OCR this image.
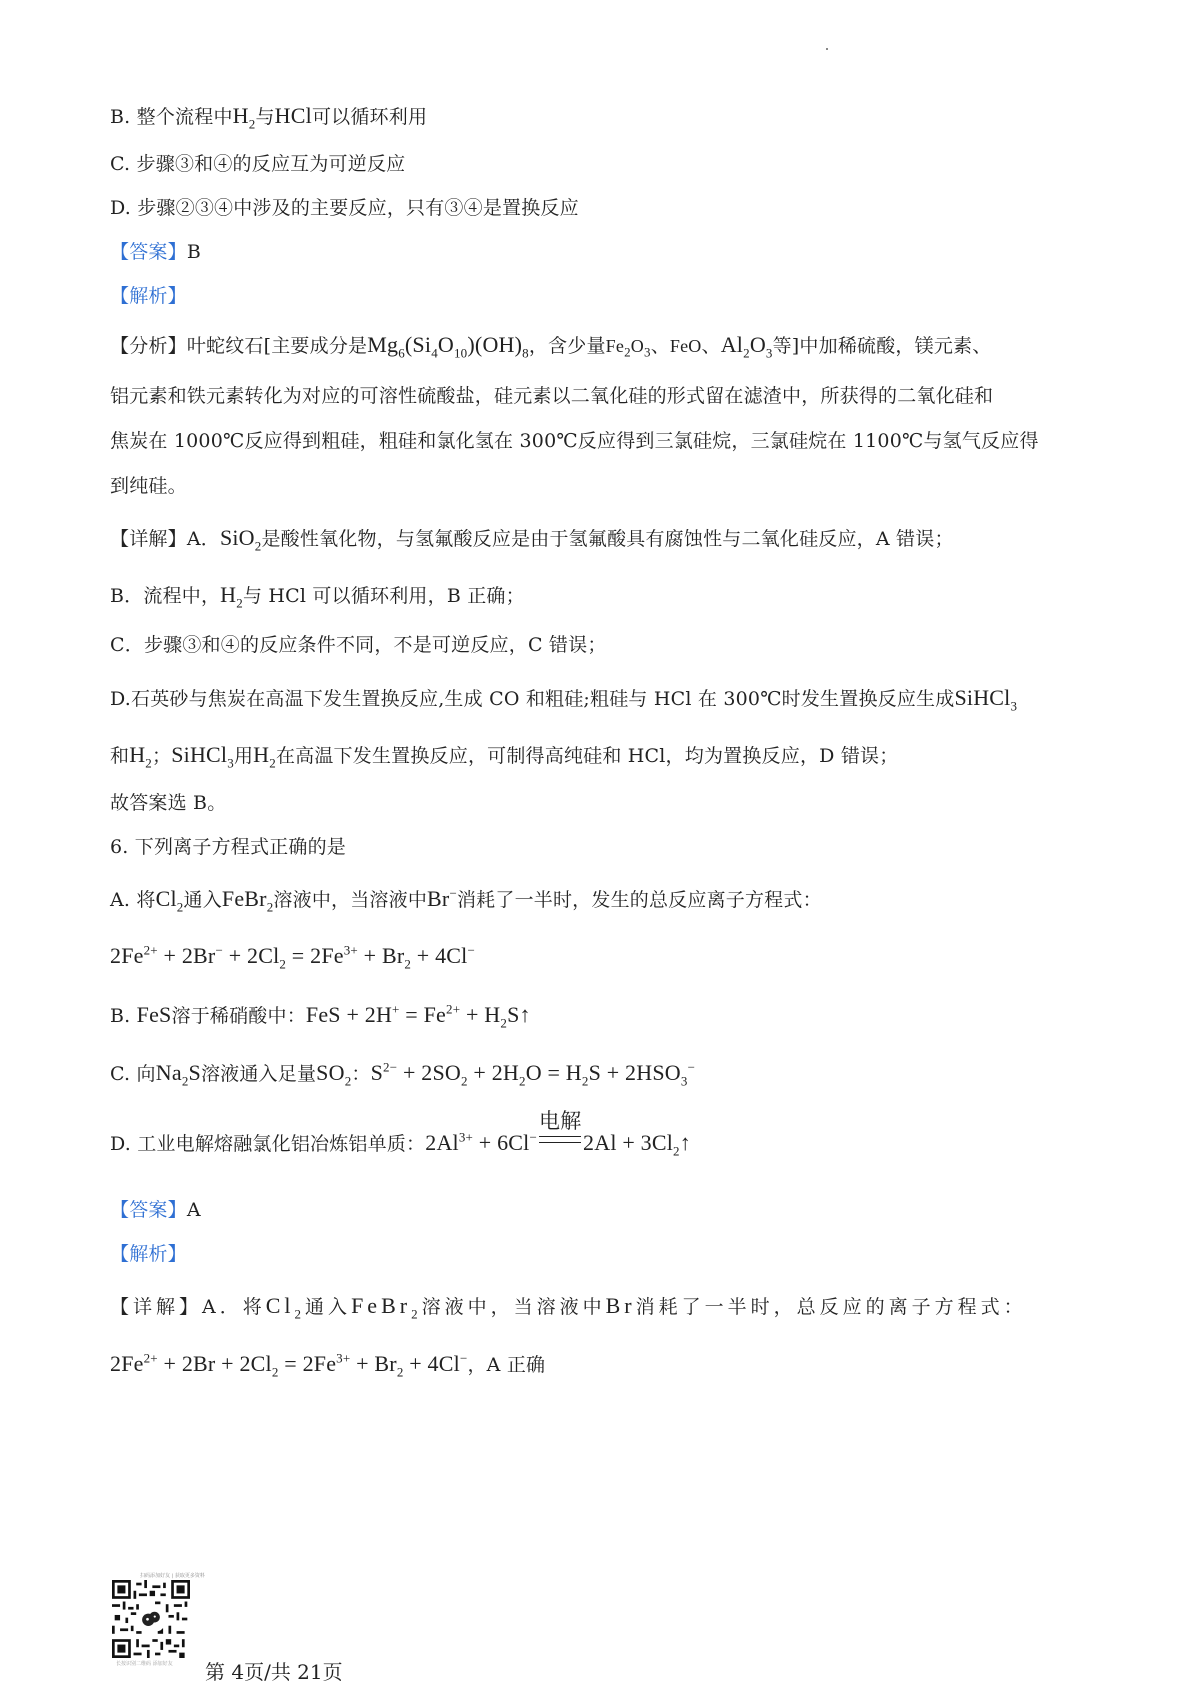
B. 整个流程中$H_2$与HCl可以循环利用
C. 步骤③和④的反应互为可逆反应
D. 步骤②③④中涉及的主要反应，只有③④是置换反应
【答案】B
【解析】
【分析】叶蛇纹石[主要成分是$Mg_6(Si_4O_{10})(OH)_8$，含少量$Fe_2O_3$、FeO、$Al_2O_3$等]中加稀硫酸，镁元素、
铝元素和铁元素转化为对应的可溶性硫酸盐，硅元素以二氧化硅的形式留在滤渣中，所获得的二氧化硅和
焦炭在 1000℃反应得到粗硅，粗硅和氯化氢在 300℃反应得到三氯硅烷，三氯硅烷在 1100℃与氢气反应得
到纯硅。
【详解】A．SiO$_2$是酸性氧化物，与氢氟酸反应是由于氢氟酸具有腐蚀性与二氧化硅反应，A 错误；
B．流程中，$H_2$与 HCl 可以循环利用，B 正确；
C．步骤③和④的反应条件不同，不是可逆反应，C 错误；
D.石英砂与焦炭在高温下发生置换反应,生成 CO 和粗硅;粗硅与 HCl 在 300℃时发生置换反应生成SiHCl$_3$
和$H_2$；SiHCl$_3$用$H_2$在高温下发生置换反应，可制得高纯硅和 HCl，均为置换反应，D 错误；
故答案选 B。
6. 下列离子方程式正确的是
A. 将$Cl_2$通入FeBr$_2$溶液中，当溶液中Br−消耗了一半时，发生的总反应离子方程式：
$2Fe^{2+} + 2Br^- + 2Cl_2 = 2Fe^{3+} + Br_2 + 4Cl^-$
B. FeS溶于稀硝酸中：FeS + $2H^+ = Fe^{2+}$ + $H_2S↑$
C. 向$Na_2S$溶液通入足量$SO_2$：$S^{2-} + 2SO_2 + 2H_2O = H_2S + 2HSO_3^-$
D. 工业电解熔融氯化铝冶炼铝单质：$2Al^{3+} + 6Cl^-$
电解
$2Al + 3Cl_2↑$
【答案】A
【解析】
【详解】A．将$Cl_2$通入FeBr$_2$溶液中，当溶液中Br消耗了一半时，总反应的离子方程式：
$2Fe^{2+} + 2Br + 2Cl_2 = 2Fe^{3+} + Br_2 + 4Cl^-$，A 正确
扫码添加好友 | 获取更多资料
长按识别二维码 添加好友 第 4页/共 21页
